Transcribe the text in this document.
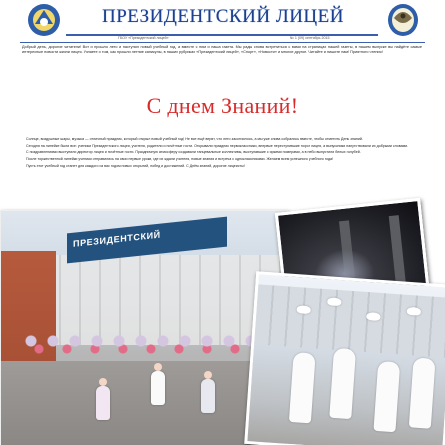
ПРЕЗИДЕНТСКИЙ ЛИЦЕЙ
ГБОУ «Президентский лицей»	№ 1 (09) сентябрь 2015
Добрый день, дорогие читатели! Вот и прошло лето и наступил новый учебный год, а вместе с ним и наша газета. Мы рады снова встретиться с вами на страницах нашей газеты, в нашем выпуске вы найдёте самые интересные новости жизни лицея. Узнаете о том, как прошли летние каникулы, в наших рубриках «Президентский лицей», «Спорт», «Новости» и многое другое. Читайте и пишите нам! Приятного чтения!
С днем Знаний!

Солнце, воздушные шары, музыка — отличный праздник, который открыл новый учебный год! Не все ещё верят, что лето закончилось, а мы уже снова собрались вместе, чтобы отметить День знаний.

Сегодня на линейке были все: ученики Президентского лицея, учителя, родители и почётные гости. Открывали праздник первоклассники, впервые переступившие порог лицея, а выпускники напутствовали их добрыми словами.

С поздравлениями выступили директор лицея и почётные гости. Праздничную атмосферу создавали танцевальные коллективы, выступавшие с яркими номерами, а в небо выпустили белых голубей.

После торжественной линейки ученики отправились на свои первые уроки, где их ждали учителя, новые знания и встреча с одноклассниками. Желаем всем успешного учебного года!

Пусть этот учебный год станет для каждого из вас годом новых открытий, побед и достижений. С Днём знаний, дорогие лицеисты!

ПРЕЗИДЕНТСКИЙ
